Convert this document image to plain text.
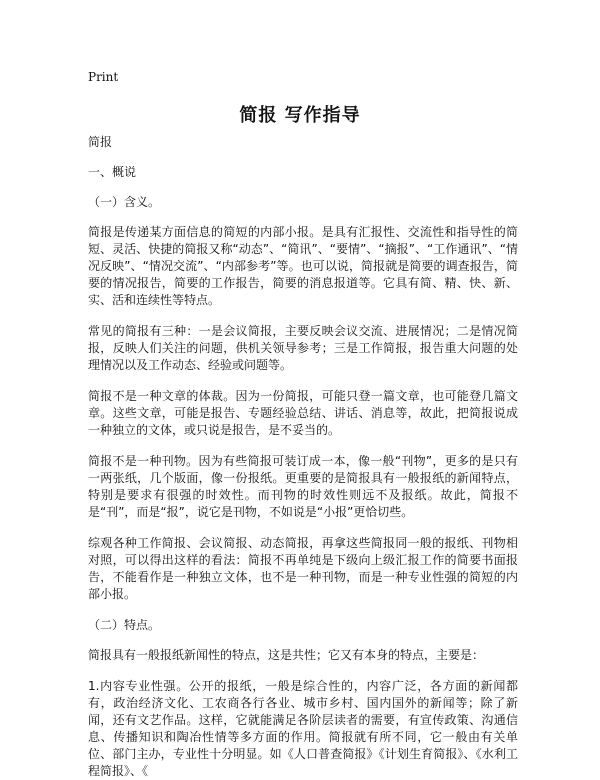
Print
简报 写作指导

简报

一、概说

（一）含义。

简报是传递某方面信息的简短的内部小报。是具有汇报性、交流性和指导性的简短、灵活、快捷的简报又称“动态”、“简讯”、“要情”、“摘报”、“工作通讯”、“情况反映”、“情况交流”、“内部参考”等。也可以说，简报就是简要的调查报告，简要的情况报告，简要的工作报告，简要的消息报道等。它具有简、精、快、新、实、活和连续性等特点。

常见的简报有三种：一是会议简报，主要反映会议交流、进展情况；二是情况简报，反映人们关注的问题，供机关领导参考；三是工作简报，报告重大问题的处理情况以及工作动态、经验或问题等。

简报不是一种文章的体裁。因为一份简报，可能只登一篇文章，也可能登几篇文章。这些文章，可能是报告、专题经验总结、讲话、消息等，故此，把简报说成一种独立的文体，或只说是报告，是不妥当的。

简报不是一种刊物。因为有些简报可装订成一本，像一般“刊物”，更多的是只有一两张纸，几个版面，像一份报纸。更重要的是简报具有一般报纸的新闻特点，特别是要求有很强的时效性。而刊物的时效性则远不及报纸。故此，简报不是“刊”，而是“报”，说它是刊物，不如说是“小报”更恰切些。

综观各种工作简报、会议简报、动态简报，再拿这些简报同一般的报纸、刊物相对照，可以得出这样的看法：简报不再单纯是下级向上级汇报工作的简要书面报告，不能看作是一种独立文体，也不是一种刊物，而是一种专业性强的简短的内部小报。

（二）特点。

简报具有一般报纸新闻性的特点，这是共性；它又有本身的特点，主要是：

1.内容专业性强。公开的报纸，一般是综合性的，内容广泛，各方面的新闻都有，政治经济文化、工农商各行各业、城市乡村、国内国外的新闻等；除了新闻，还有文艺作品。这样，它就能满足各阶层读者的需要，有宣传政策、沟通信息、传播知识和陶冶性情等多方面的作用。简报就有所不同，它一般由有关单位、部门主办，专业性十分明显。如《人口普查简报》《计划生育简报》、《水利工程简报》、《
